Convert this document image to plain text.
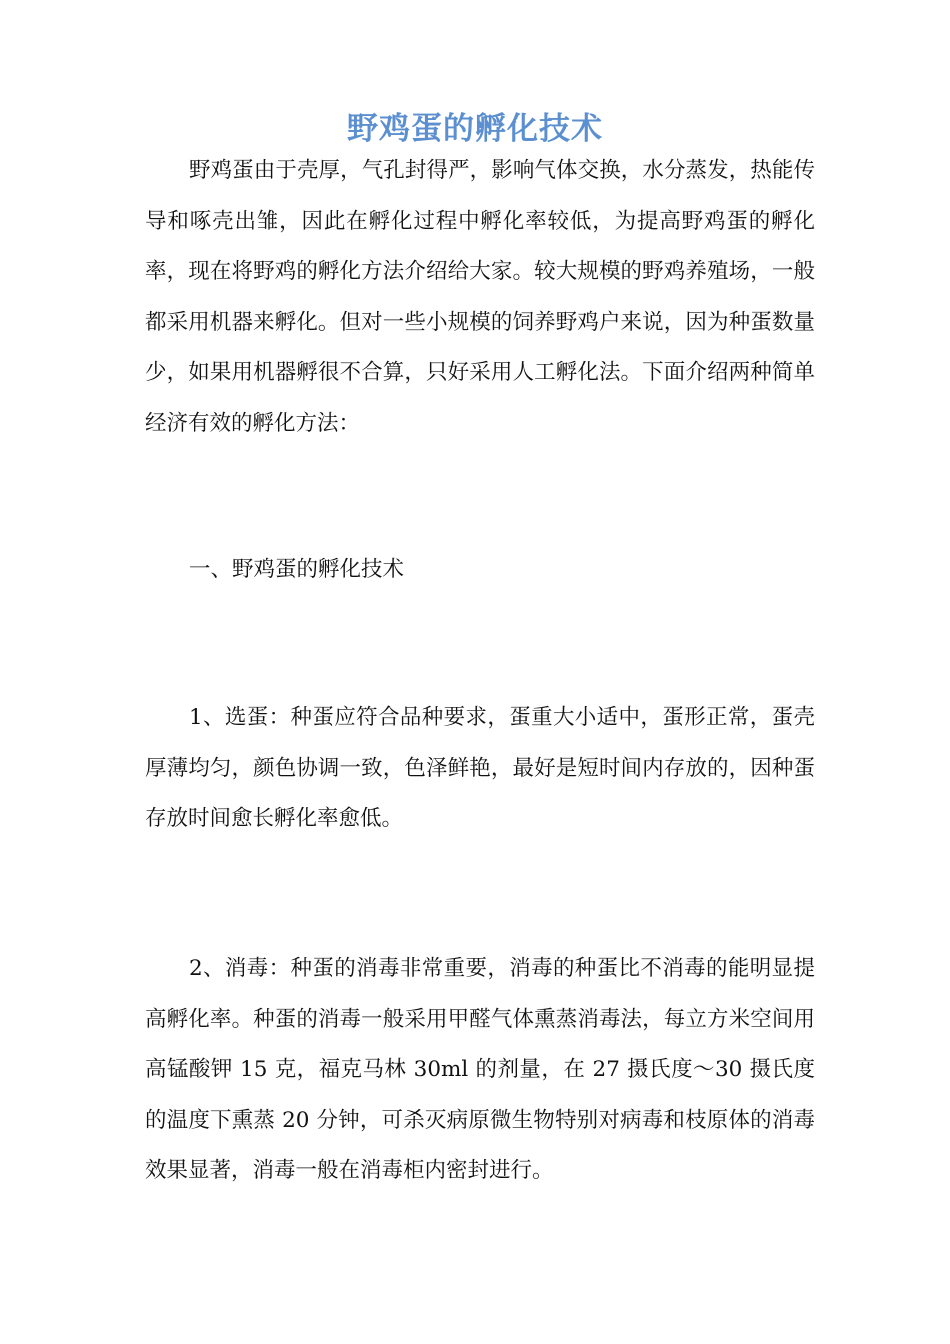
野鸡蛋的孵化技术

野鸡蛋由于壳厚，气孔封得严，影响气体交换，水分蒸发，热能传导和啄壳出雏，因此在孵化过程中孵化率较低，为提高野鸡蛋的孵化率，现在将野鸡的孵化方法介绍给大家。较大规模的野鸡养殖场，一般都采用机器来孵化。但对一些小规模的饲养野鸡户来说，因为种蛋数量少，如果用机器孵很不合算，只好采用人工孵化法。下面介绍两种简单经济有效的孵化方法：

一、野鸡蛋的孵化技术

1、选蛋：种蛋应符合品种要求，蛋重大小适中，蛋形正常，蛋壳厚薄均匀，颜色协调一致，色泽鲜艳，最好是短时间内存放的，因种蛋存放时间愈长孵化率愈低。

2、消毒：种蛋的消毒非常重要，消毒的种蛋比不消毒的能明显提高孵化率。种蛋的消毒一般采用甲醛气体熏蒸消毒法，每立方米空间用高锰酸钾 15 克，福克马林 30ml 的剂量，在 27 摄氏度～30 摄氏度的温度下熏蒸 20 分钟，可杀灭病原微生物特别对病毒和枝原体的消毒效果显著，消毒一般在消毒柜内密封进行。
